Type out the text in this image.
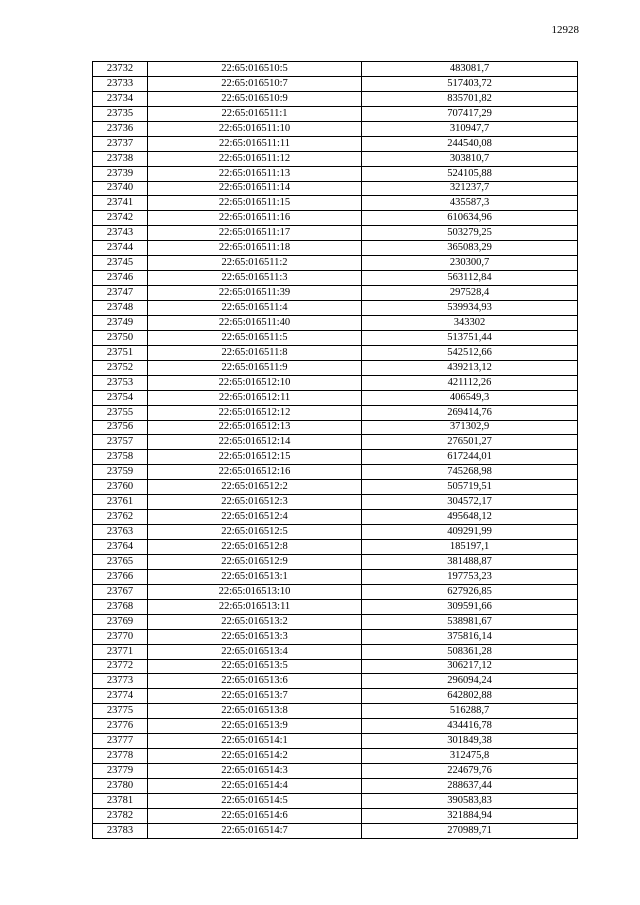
12928
23732	22:65:016510:5	483081,7
23733	22:65:016510:7	517403,72
23734	22:65:016510:9	835701,82
23735	22:65:016511:1	707417,29
23736	22:65:016511:10	310947,7
23737	22:65:016511:11	244540,08
23738	22:65:016511:12	303810,7
23739	22:65:016511:13	524105,88
23740	22:65:016511:14	321237,7
23741	22:65:016511:15	435587,3
23742	22:65:016511:16	610634,96
23743	22:65:016511:17	503279,25
23744	22:65:016511:18	365083,29
23745	22:65:016511:2	230300,7
23746	22:65:016511:3	563112,84
23747	22:65:016511:39	297528,4
23748	22:65:016511:4	539934,93
23749	22:65:016511:40	343302
23750	22:65:016511:5	513751,44
23751	22:65:016511:8	542512,66
23752	22:65:016511:9	439213,12
23753	22:65:016512:10	421112,26
23754	22:65:016512:11	406549,3
23755	22:65:016512:12	269414,76
23756	22:65:016512:13	371302,9
23757	22:65:016512:14	276501,27
23758	22:65:016512:15	617244,01
23759	22:65:016512:16	745268,98
23760	22:65:016512:2	505719,51
23761	22:65:016512:3	304572,17
23762	22:65:016512:4	495648,12
23763	22:65:016512:5	409291,99
23764	22:65:016512:8	185197,1
23765	22:65:016512:9	381488,87
23766	22:65:016513:1	197753,23
23767	22:65:016513:10	627926,85
23768	22:65:016513:11	309591,66
23769	22:65:016513:2	538981,67
23770	22:65:016513:3	375816,14
23771	22:65:016513:4	508361,28
23772	22:65:016513:5	306217,12
23773	22:65:016513:6	296094,24
23774	22:65:016513:7	642802,88
23775	22:65:016513:8	516288,7
23776	22:65:016513:9	434416,78
23777	22:65:016514:1	301849,38
23778	22:65:016514:2	312475,8
23779	22:65:016514:3	224679,76
23780	22:65:016514:4	288637,44
23781	22:65:016514:5	390583,83
23782	22:65:016514:6	321884,94
23783	22:65:016514:7	270989,71
